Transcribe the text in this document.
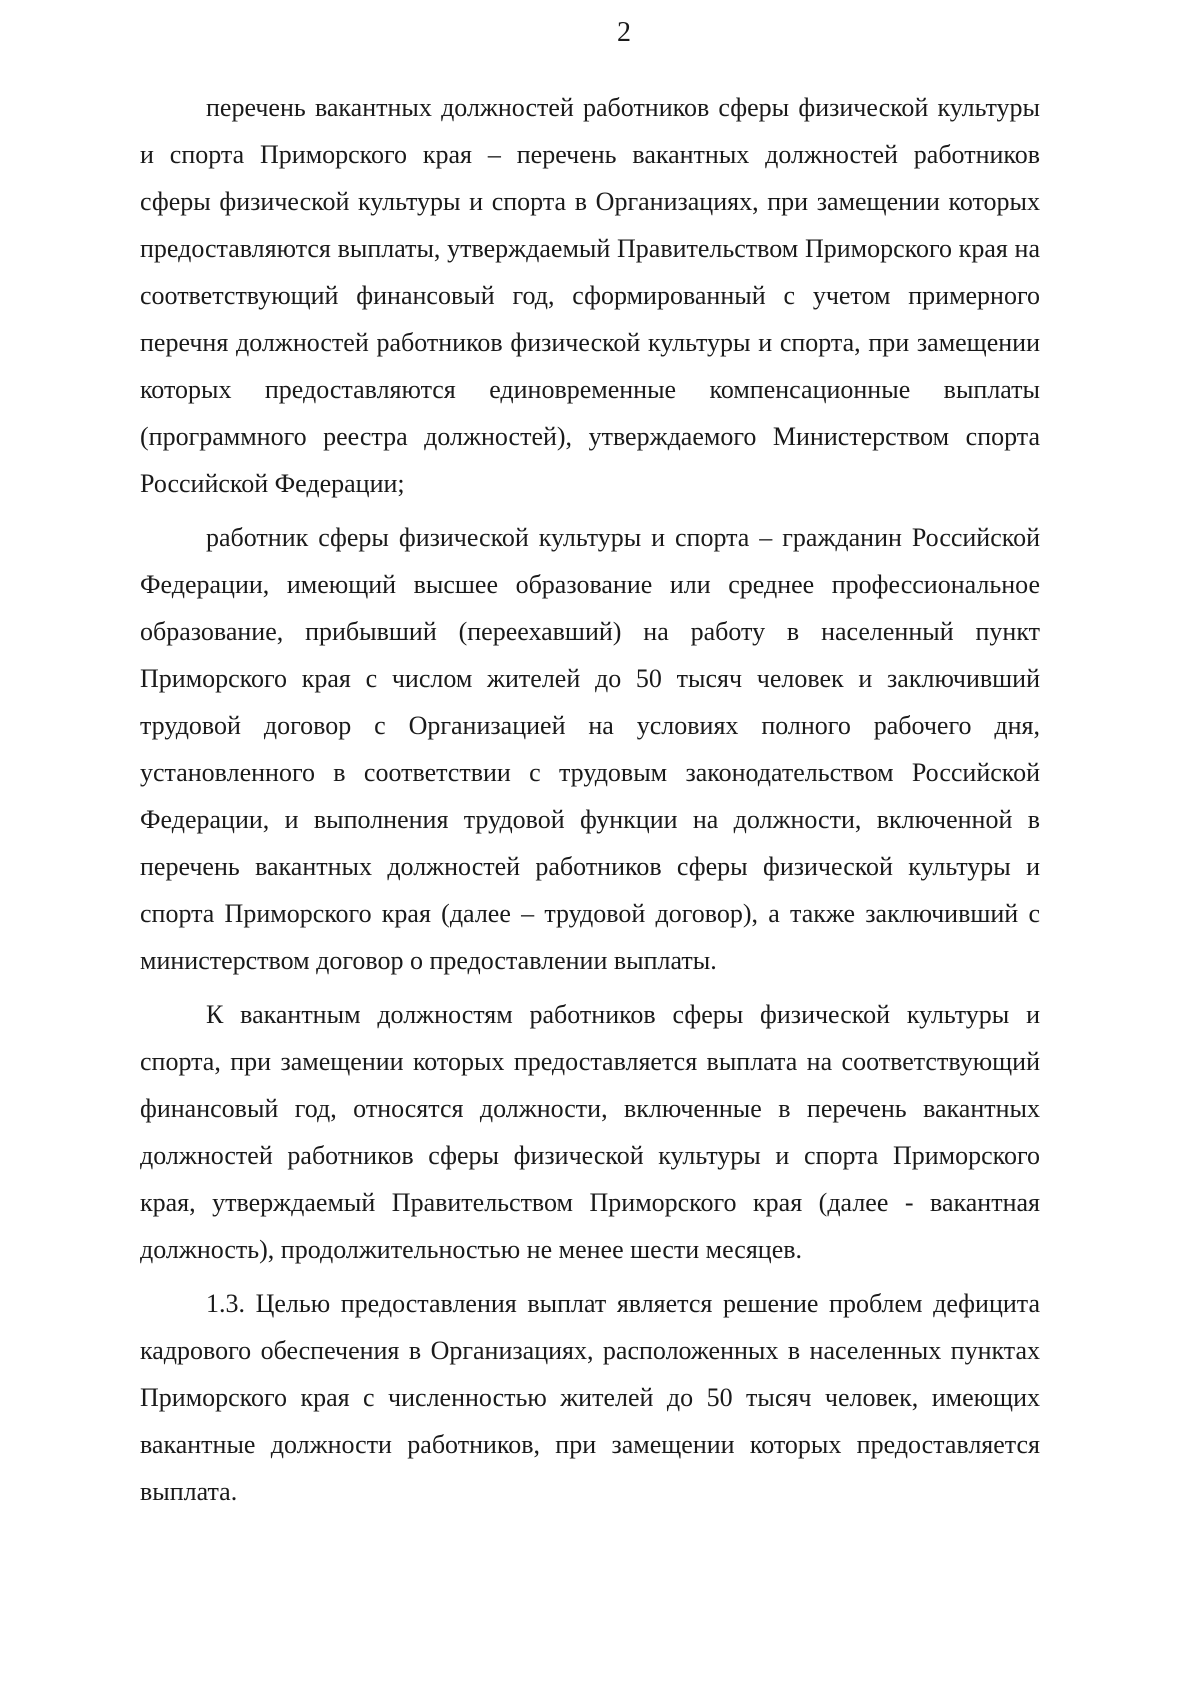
2

перечень вакантных должностей работников сферы физической культуры и спорта Приморского края – перечень вакантных должностей работников сферы физической культуры и спорта в Организациях, при замещении которых предоставляются выплаты, утверждаемый Правительством Приморского края на соответствующий финансовый год, сформированный с учетом примерного перечня должностей работников физической культуры и спорта, при замещении которых предоставляются единовременные компенсационные выплаты (программного реестра должностей), утверждаемого Министерством спорта Российской Федерации;

работник сферы физической культуры и спорта – гражданин Российской Федерации, имеющий высшее образование или среднее профессиональное образование, прибывший (переехавший) на работу в населенный пункт Приморского края с числом жителей до 50 тысяч человек и заключивший трудовой договор с Организацией на условиях полного рабочего дня, установленного в соответствии с трудовым законодательством Российской Федерации, и выполнения трудовой функции на должности, включенной в перечень вакантных должностей работников сферы физической культуры и спорта Приморского края (далее – трудовой договор), а также заключивший с министерством договор о предоставлении выплаты.

К вакантным должностям работников сферы физической культуры и спорта, при замещении которых предоставляется выплата на соответствующий финансовый год, относятся должности, включенные в перечень вакантных должностей работников сферы физической культуры и спорта Приморского края, утверждаемый Правительством Приморского края (далее - вакантная должность), продолжительностью не менее шести месяцев.

1.3. Целью предоставления выплат является решение проблем дефицита кадрового обеспечения в Организациях, расположенных в населенных пунктах Приморского края с численностью жителей до 50 тысяч человек, имеющих вакантные должности работников, при замещении которых предоставляется выплата.
